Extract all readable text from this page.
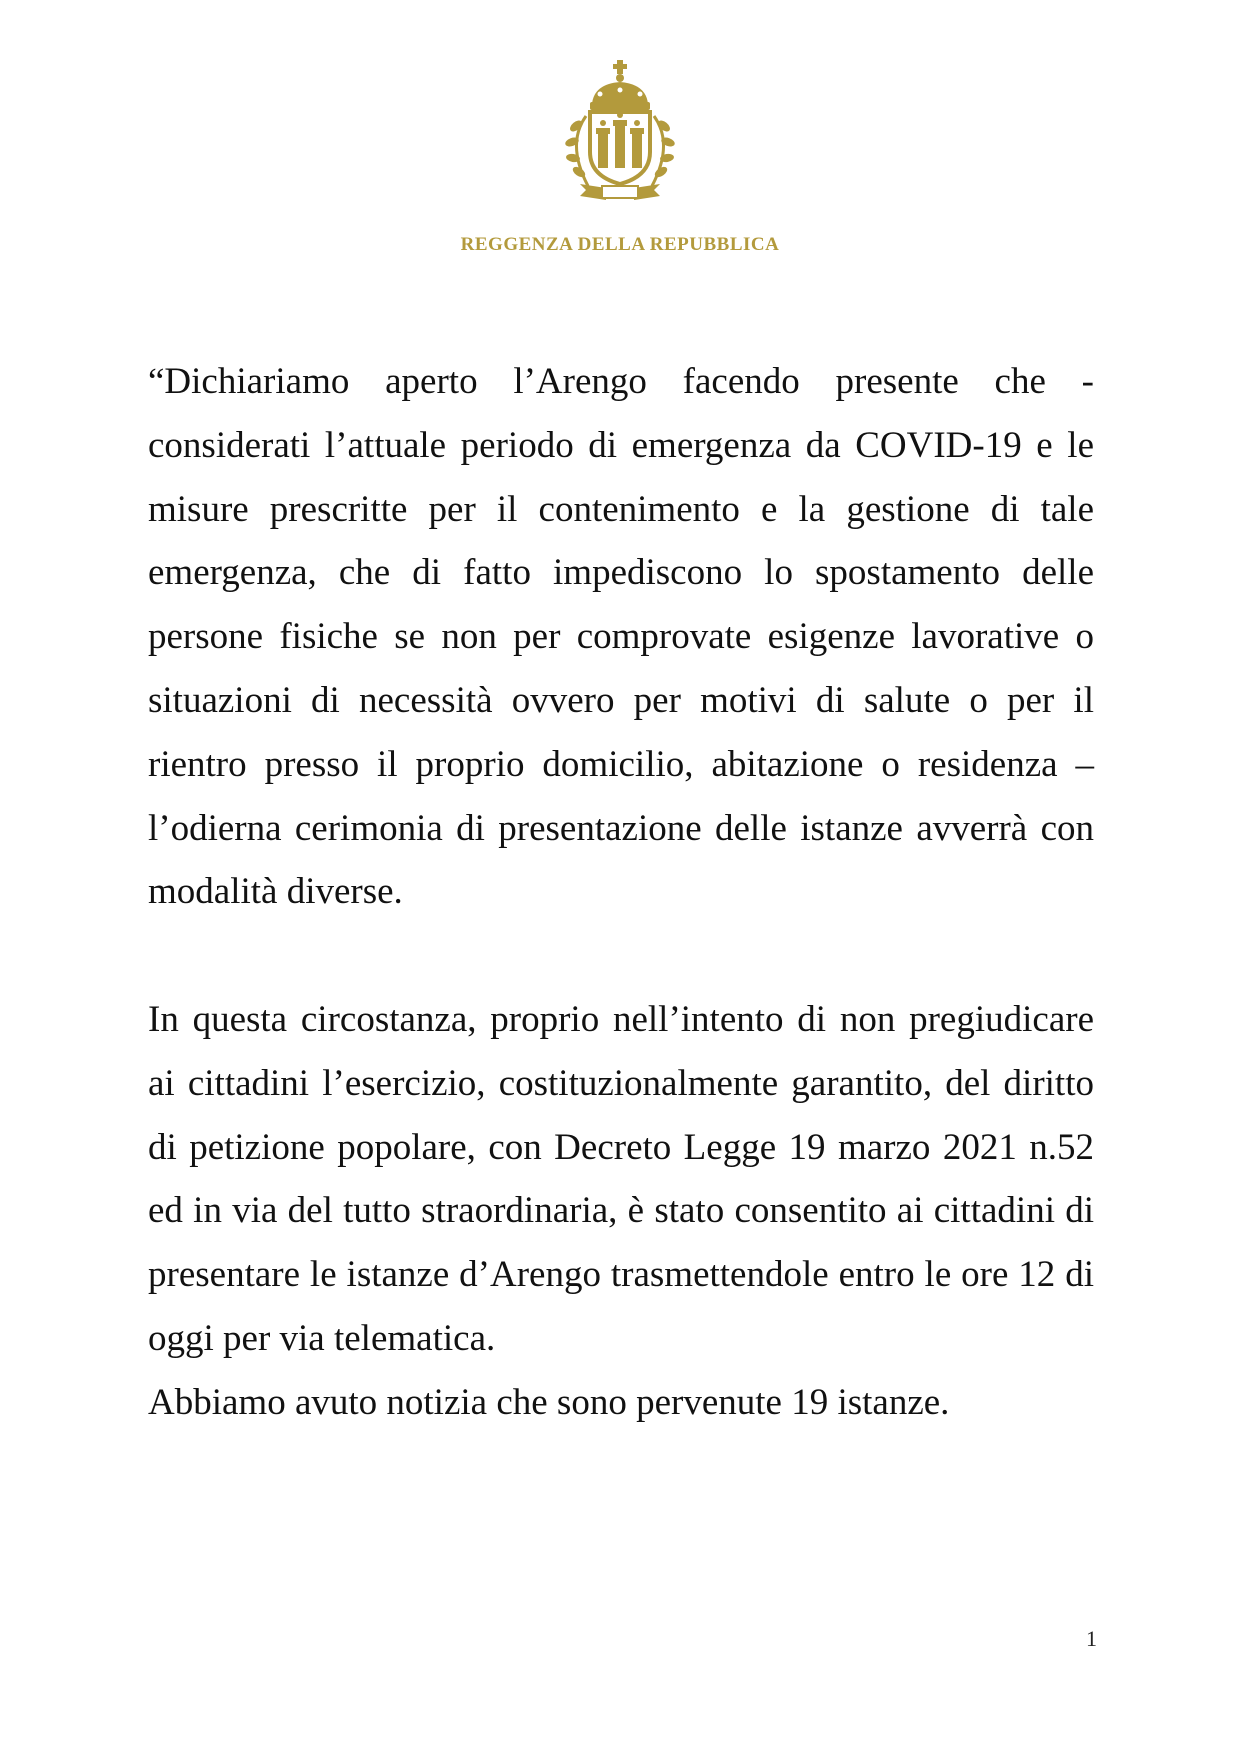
REGGENZA DELLA REPUBBLICA

“Dichiariamo aperto l’Arengo facendo presente che - considerati l’attuale periodo di emergenza da COVID-19 e le misure prescritte per il contenimento e la gestione di tale emergenza, che di fatto impediscono lo spostamento delle persone fisiche se non per comprovate esigenze lavorative o situazioni di necessità ovvero per motivi di salute o per il rientro presso il proprio domicilio, abitazione o residenza – l’odierna cerimonia di presentazione delle istanze avverrà con modalità diverse.

In questa circostanza, proprio nell’intento di non pregiudicare ai cittadini l’esercizio, costituzionalmente garantito, del diritto di petizione popolare, con Decreto Legge 19 marzo 2021 n.52 ed in via del tutto straordinaria, è stato consentito ai cittadini di presentare le istanze d’Arengo trasmettendole entro le ore 12 di oggi per via telematica.

Abbiamo avuto notizia che sono pervenute 19 istanze.

1
